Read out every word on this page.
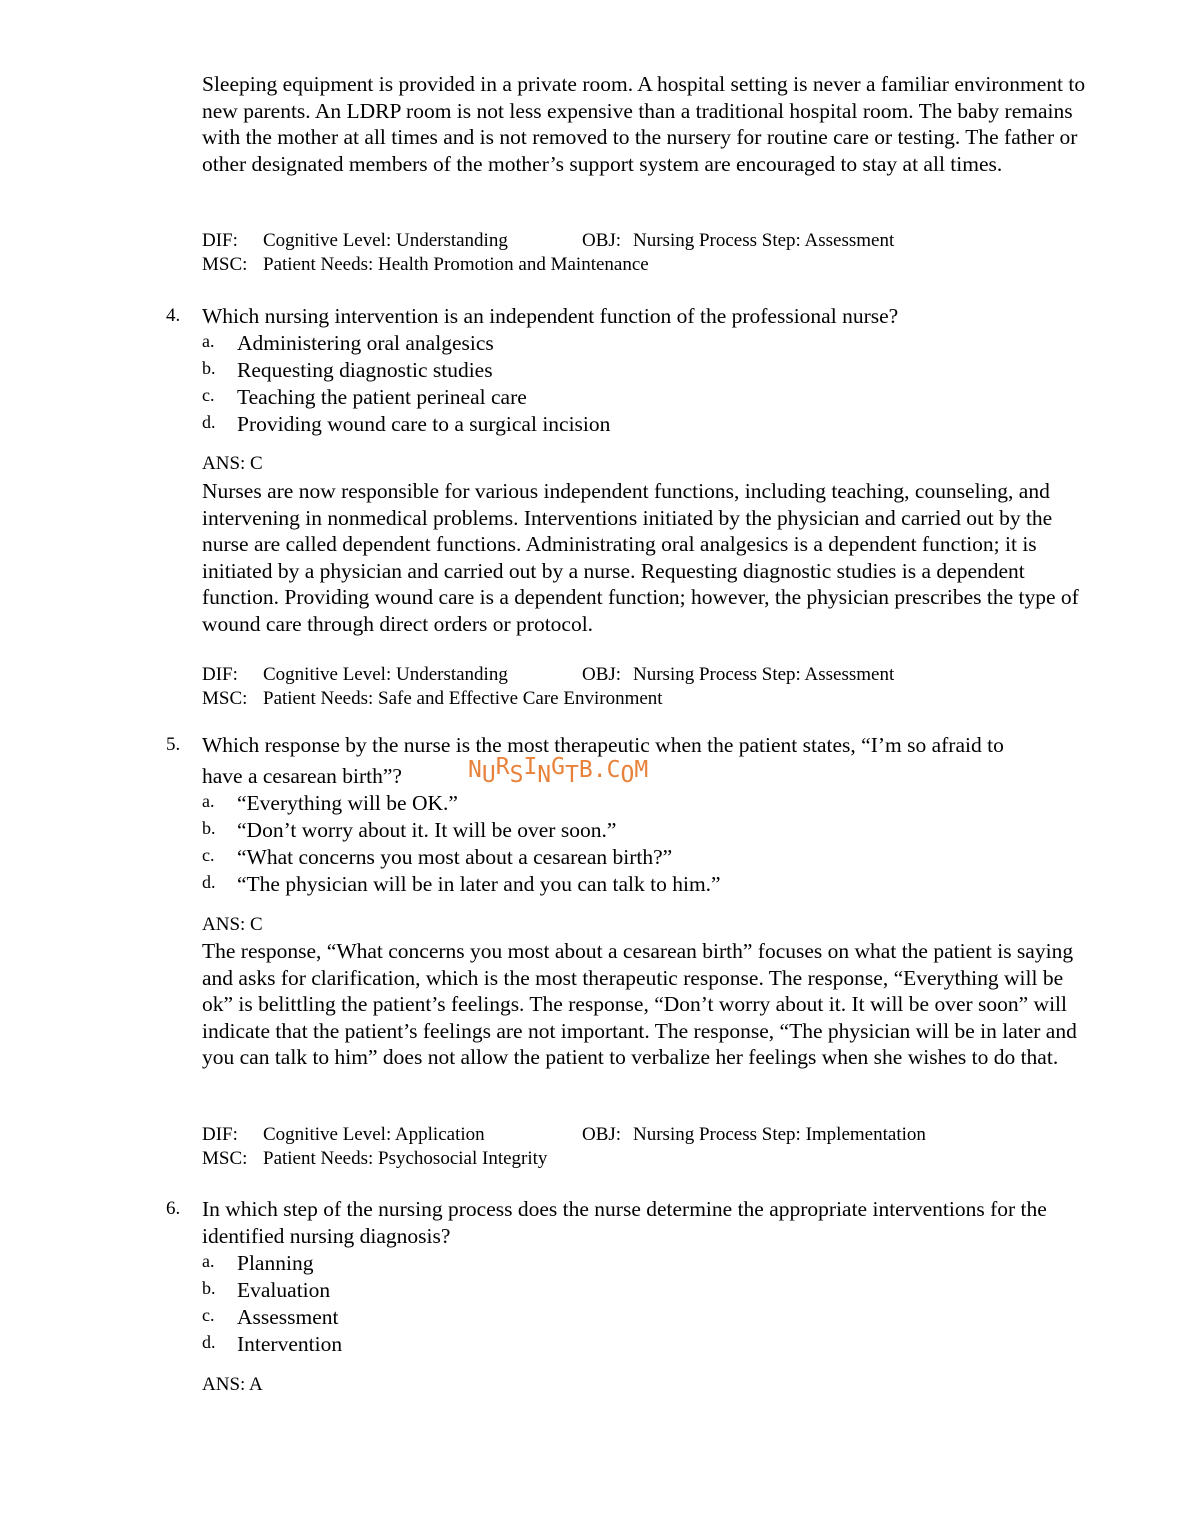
Sleeping equipment is provided in a private room. A hospital setting is never a familiar environment to new parents. An LDRP room is not less expensive than a traditional hospital room. The baby remains with the mother at all times and is not removed to the nursery for routine care or testing. The father or other designated members of the mother’s support system are encouraged to stay at all times.

DIF: Cognitive Level: Understanding	OBJ: Nursing Process Step: Assessment
MSC: Patient Needs: Health Promotion and Maintenance
4. Which nursing intervention is an independent function of the professional nurse?

a. Administering oral analgesics
b. Requesting diagnostic studies
c. Teaching the patient perineal care
d. Providing wound care to a surgical incision
ANS: C

Nurses are now responsible for various independent functions, including teaching, counseling, and intervening in nonmedical problems. Interventions initiated by the physician and carried out by the nurse are called dependent functions. Administrating oral analgesics is a dependent function; it is initiated by a physician and carried out by a nurse. Requesting diagnostic studies is a dependent function. Providing wound care is a dependent function; however, the physician prescribes the type of wound care through direct orders or protocol.

DIF: Cognitive Level: Understanding	OBJ: Nursing Process Step: Assessment
MSC: Patient Needs: Safe and Effective Care Environment
5. Which response by the nurse is the most therapeutic when the patient states, “I’m so afraid to
have a cesarean birth”?

a. “Everything will be OK.”
b. “Don’t worry about it. It will be over soon.”
c. “What concerns you most about a cesarean birth?”
d. “The physician will be in later and you can talk to him.”
NURSINGTB.COM
ANS: C

The response, “What concerns you most about a cesarean birth” focuses on what the patient is saying and asks for clarification, which is the most therapeutic response. The response, “Everything will be ok” is belittling the patient’s feelings. The response, “Don’t worry about it. It will be over soon” will indicate that the patient’s feelings are not important. The response, “The physician will be in later and you can talk to him” does not allow the patient to verbalize her feelings when she wishes to do that.

DIF: Cognitive Level: Application	OBJ: Nursing Process Step: Implementation
MSC: Patient Needs: Psychosocial Integrity
6. In which step of the nursing process does the nurse determine the appropriate interventions for the identified nursing diagnosis?

a. Planning
b. Evaluation
c. Assessment
d. Intervention
ANS: A
